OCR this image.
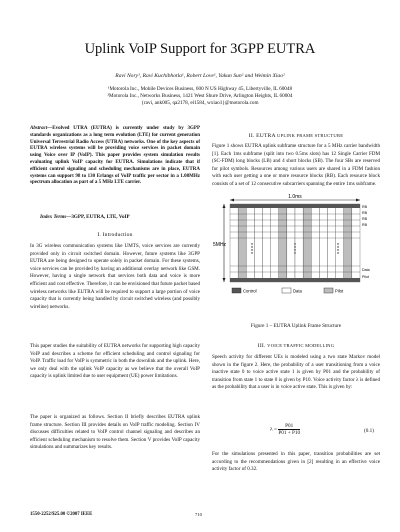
Uplink VoIP Support for 3GPP EUTRA
Ravi Nory¹, Ravi Kuchibhotla¹, Robert Love¹, Yakun Sun² and Weimin Xiao²
¹Motorola Inc., Mobile Devices Business, 600 N US Highway 45, Libertyville, IL 60048
²Motorola Inc., Networks Business, 1421 West Shure Drive, Arlington Heights, IL 60004
{ravi, ank005, qa2178, el1584, wxiao1}@motorola.com
Abstract—Evolved UTRA (EUTRA) is currently under study by 3GPP standards organizations as a long term evolution (LTE) for current generation Universal Terrestrial Radio Access (UTRA) networks. One of the key aspects of EUTRA wireless systems will be providing voice services in packet domain using Voice over IP (VoIP). This paper provides system simulation results evaluating uplink VoIP capacity for EUTRA. Simulations indicate that if efficient control signaling and scheduling mechanisms are in place, EUTRA systems can support 98 to 130 Erlangs of VoIP traffic per sector in a 1.08MHz spectrum allocation as part of a 5 MHz LTE carrier.
Index Terms—3GPP, EUTRA, LTE, VoIP
I. Introduction
In 3G wireless communication systems like UMTS, voice services are currently provided only in circuit switched domain. However, future systems like 3GPP EUTRA are being designed to operate solely in packet domain. For these systems, voice services can be provided by having an additional overlay network like GSM. However, having a single network that services both data and voice is more efficient and cost effective. Therefore, it can be envisioned that future packet based wireless networks like EUTRA will be required to support a large portion of voice capacity that is currently being handled by circuit switched wireless (and possibly wireline) networks.
This paper studies the suitability of EUTRA networks for supporting high capacity VoIP and describes a scheme for efficient scheduling and control signaling for VoIP. Traffic load for VoIP is symmetric in both the downlink and the uplink. Here, we only deal with the uplink VoIP capacity as we believe that the overall VoIP capacity is uplink limited due to user equipment (UE) power limitations.
The paper is organized as follows. Section II briefly describes EUTRA uplink frame structure. Section III provides details on VoIP traffic modeling. Section IV discusses difficulties related to VoIP control channel signaling and describes an efficient scheduling mechanism to resolve them. Section V provides VoIP capacity simulations and summarizes key results.
II. EUTRA UPLINK FRAME STRUCTURE
Figure 1 shows EUTRA uplink subframe structure for a 5 MHz carrier bandwidth [1]. Each 1ms subframe (split into two 0.5ms slots) has 12 Single Carrier FDM (SC-FDM) long blocks (LB) and 4 short blocks (SB). The four SBs are reserved for pilot symbols. Resources among various users are shared in a FDM fashion with each user getting a one or more resource blocks (RB). Each resource block consists of a set of 12 consecutive subcarriers spanning the entire 1ms subframe.
1.0ms
5MHz
RB
RB
RB
RB
Data
Pilot
Control	Data	Pilot
Figure 1 – EUTRA Uplink Frame Structure
III. VOICE TRAFFIC MODELLING
Speech activity for different UEs is modeled using a two state Markov model shown in the figure 2. Here, the probability of a user transitioning from a voice inactive state 0 to voice active state 1 is given by P01 and the probability of transition from state 1 to state 0 is given by P10. Voice activity factor λ is defined as the probability that a user is in voice active state. This is given by:
$\lambda = \frac{P01}{P01 + P10}$	(0.1)
For the simulations presented in this paper, transition probabilities are set according to the recommendations given in [2] resulting in an effective voice activity factor of 0.32.
1550-2252/$25.00 ©2007 IEEE	710
